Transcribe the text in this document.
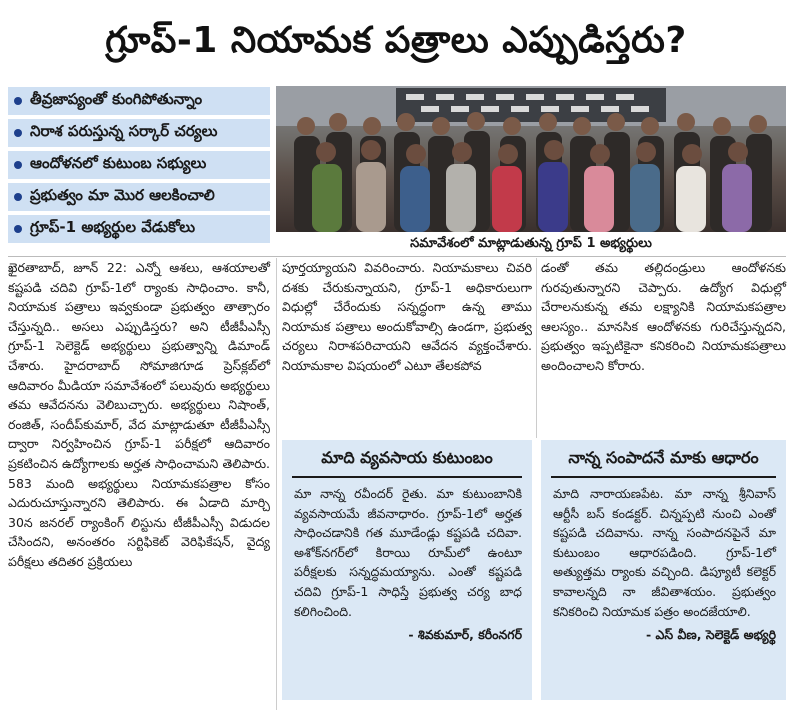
గ్రూప్‌-1 నియామక పత్రాలు ఎప్పుడిస్తరు?
తీవ్రజాప్యంతో కుంగిపోతున్నాం
నిరాశ పరుస్తున్న సర్కార్‌ చర్యలు
ఆందోళనలో కుటుంబ సభ్యులు
ప్రభుత్వం మా మొర ఆలకించాలి
గ్రూప్‌-1 అభ్యర్థుల వేడుకోలు
సమావేశంలో మాట్లాడుతున్న గ్రూప్‌ 1 అభ్యర్థులు

ఖైరతాబాద్‌, జూన్‌ 22: ఎన్నో ఆశలు, ఆశయాలతో కష్టపడి చదివి గ్రూప్‌-1లో ర్యాంకు సాధించాం. కానీ, నియామక పత్రాలు ఇవ్వకుండా ప్రభుత్వం తాత్సారం చేస్తున్నది.. అసలు ఎప్పుడిస్తరు? అని టీజీపీఎస్సీ గ్రూప్‌-1 సెలెక్టెడ్‌ అభ్యర్థులు ప్రభుత్వాన్ని డిమాండ్‌ చేశారు. హైదరాబాద్‌ సోమాజిగూడ ప్రెస్‌క్లబ్‌లో ఆదివారం మీడియా సమావేశంలో పలువురు అభ్యర్థులు తమ ఆవేదనను వెలిబుచ్చారు. అభ్యర్థులు నిషాంత్‌, రంజిత్‌, సందీప్‌కుమార్‌, వేద మాట్లాడుతూ టీజీపీఎస్సీ ద్వారా నిర్వహించిన గ్రూప్‌-1 పరీక్షలో ఆదివారం ప్రకటించిన ఉద్యోగాలకు అర్హత సాధించామని తెలిపారు. 583 మంది అభ్యర్థులు నియామకపత్రాల కోసం ఎదురుచూస్తున్నారని తెలిపారు. ఈ ఏడాది మార్చి 30న జనరల్‌ ర్యాంకింగ్‌ లిస్టును టీజీపీఎస్సీ విడుదల చేసిందని, అనంతరం సర్టిఫికెట్‌ వెరిఫికేషన్‌, వైద్య పరీక్షలు తదితర ప్రక్రియలు

పూర్తయ్యాయని వివరించారు. నియామకాలు చివరి దశకు చేరుకున్నాయని, గ్రూప్‌-1 అధికారులుగా విధుల్లో చేరేందుకు సన్నద్ధంగా ఉన్న తాము నియామక పత్రాలు అందుకోవాల్సి ఉండగా, ప్రభుత్వ చర్యలు నిరాశపరిచాయని ఆవేదన వ్యక్తంచేశారు. నియామకాల విషయంలో ఎటూ తేలకపోవ

డంతో తమ తల్లిదండ్రులు ఆందోళనకు గురవుతున్నారని చెప్పారు. ఉద్యోగ విధుల్లో చేరాలనుకున్న తమ లక్ష్యానికి నియామకపత్రాల ఆలస్యం.. మానసిక ఆందోళనకు గురిచేస్తున్నదని, ప్రభుత్వం ఇప్పటికైనా కనికరించి నియామకపత్రాలు అందించాలని కోరారు.

మాది వ్యవసాయ కుటుంబం
మా నాన్న రవీందర్‌ రైతు. మా కుటుంబానికి వ్యవసాయమే జీవనాధారం. గ్రూప్‌-1లో అర్హత సాధించడానికి గత మూడేండ్లు కష్టపడి చదివా. అశోక్‌నగర్‌లో కిరాయి రూమ్‌లో ఉంటూ పరీక్షలకు సన్నద్ధమయ్యాను. ఎంతో కష్టపడి చదివి గ్రూప్‌-1 సాధిస్తే ప్రభుత్వ చర్య బాధ కలిగించింది.
- శివకుమార్‌, కరీంనగర్‌
నాన్న సంపాదనే మాకు ఆధారం
మాది నారాయణపేట. మా నాన్న శ్రీనివాస్‌ ఆర్టీసీ బస్‌ కండక్టర్‌. చిన్నప్పటి నుంచి ఎంతో కష్టపడి చదివాను. నాన్న సంపాదనపైనే మా కుటుంబం ఆధారపడింది. గ్రూప్‌-1లో అత్యుత్తమ ర్యాంకు వచ్చింది. డిప్యూటీ కలెక్టర్‌ కావాలన్నది నా జీవితాశయం. ప్రభుత్వం కనికరించి నియామక పత్రం అందజేయాలి.
- ఎస్‌ వీణ, సెలెక్టెడ్‌ అభ్యర్థి
